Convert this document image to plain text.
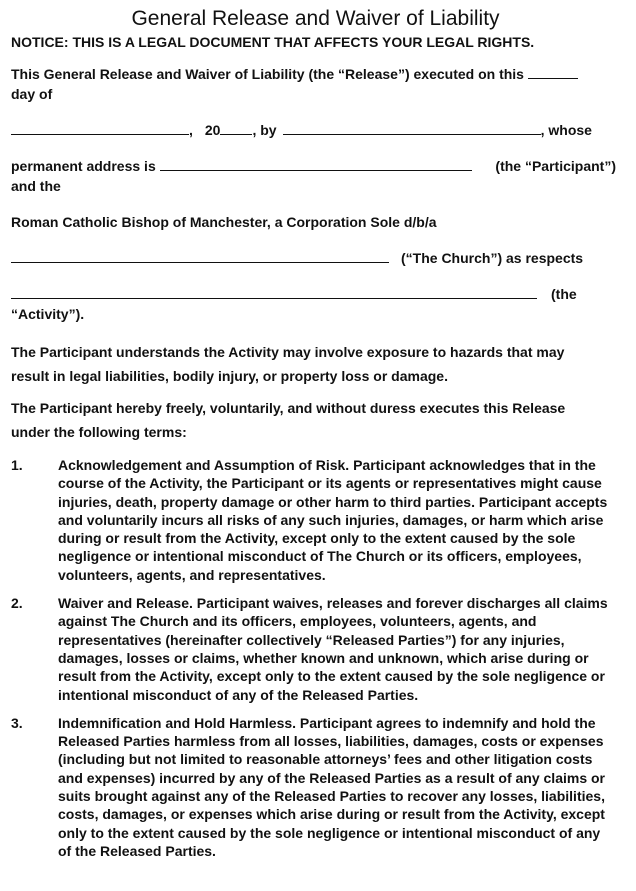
General Release and Waiver of Liability

NOTICE: THIS IS A LEGAL DOCUMENT THAT AFFECTS YOUR LEGAL RIGHTS.

This General Release and Waiver of Liability (the “Release”) executed on this
day of
, 20 , by	, whose
permanent address is	(the “Participant”)
and the

Roman Catholic Bishop of Manchester, a Corporation Sole d/b/a

(“The Church”) as respects
(the
“Activity”).

The Participant understands the Activity may involve exposure to hazards that may result in legal liabilities, bodily injury, or property loss or damage.

The Participant hereby freely, voluntarily, and without duress executes this Release under the following terms:

1.	Acknowledgement and Assumption of Risk. Participant acknowledges that in the course of the Activity, the Participant or its agents or representatives might cause injuries, death, property damage or other harm to third parties. Participant accepts and voluntarily incurs all risks of any such injuries, damages, or harm which arise during or result from the Activity, except only to the extent caused by the sole negligence or intentional misconduct of The Church or its officers, employees, volunteers, agents, and representatives.
2.	Waiver and Release. Participant waives, releases and forever discharges all claims against The Church and its officers, employees, volunteers, agents, and representatives (hereinafter collectively “Released Parties”) for any injuries, damages, losses or claims, whether known and unknown, which arise during or result from the Activity, except only to the extent caused by the sole negligence or intentional misconduct of any of the Released Parties.
3.	Indemnification and Hold Harmless. Participant agrees to indemnify and hold the Released Parties harmless from all losses, liabilities, damages, costs or expenses (including but not limited to reasonable attorneys’ fees and other litigation costs and expenses) incurred by any of the Released Parties as a result of any claims or suits brought against any of the Released Parties to recover any losses, liabilities, costs, damages, or expenses which arise during or result from the Activity, except only to the extent caused by the sole negligence or intentional misconduct of any of the Released Parties.
